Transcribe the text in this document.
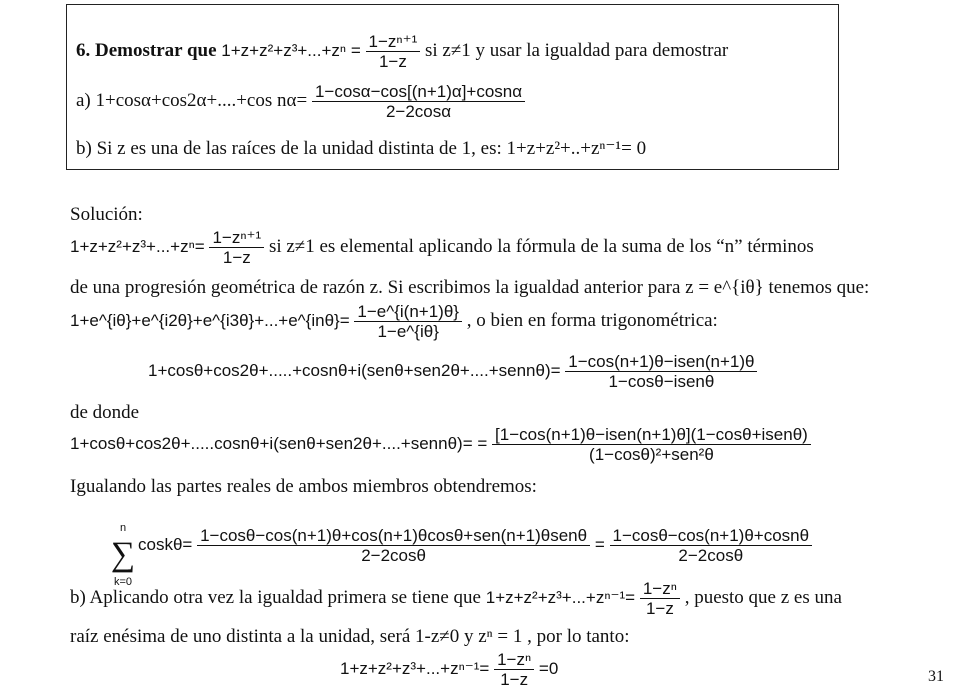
6. Demostrar que $1+z+z^2+z^3+...+z^n = \frac{\text{1−zⁿ⁺¹}}{1-z}$ si z≠1 y usar la igualdad para demostrar
a) 1+cosα+cos2α+....+cos $n\alpha= \frac{1-\cos\alpha-\cos[(n+1)\alpha]+\cos n\alpha}{2-2\cos\alpha}$
b) Si z es una de las raíces de la unidad distinta de 1, es: 1+z+z²+..+zⁿ⁻¹= 0
Solución:
$1+z+z^2+z^3+...+z^n= \frac{\text{1−zⁿ⁺¹}}{1-z}$ si z≠1 es elemental aplicando la fórmula de la suma de los “n” términos
de una progresión geométrica de razón z. Si escribimos la igualdad anterior para z = e^{iθ} tenemos que:
1+e^{iθ}+e^{i2θ}+e^{i3θ}+...+e^{inθ}= $\frac{1-e\^{}\{i(n+1)\theta\}}{1-e\^{}\{i\theta\}}$ , o bien en forma trigonométrica:
1+cosθ+cos2θ+.....+cosnθ+i(senθ+sen2θ+....+sennθ)= $\frac{\text{1−cos(n+1)θ−isen(n+1)θ}}{\text{1−cosθ−isenθ}}$
de donde
1+cosθ+cos2θ+.....cosnθ+i(senθ+sen2θ+....+sennθ)= = $\frac{\text{[1−cos(n+1)θ−isen(n+1)θ](1−cosθ+isenθ)}}{\text{(1−cosθ)²+sen²θ}}$
Igualando las partes reales de ambos miembros obtendremos:
n
∑
k=0
$\cos k\theta= \frac{\text{1−cosθ−cos(n+1)θ+cos(n+1)θcosθ+sen(n+1)θsenθ}}{2-2\cos\theta} = \frac{1-\cos\theta-\cos(n+1)\theta+\cos n\theta}{2-2\cos\theta}$
b) Aplicando otra vez la igualdad primera se tiene que $1+z+z^2+z^3+...+z^{n-1}= \frac{\text{1−zⁿ}}{1-z}$ , puesto que z es una
raíz enésima de uno distinta a la unidad, será 1-z≠0 y zⁿ = 1 , por lo tanto:
$1+z+z^2+z^3+...+z^{n-1}= \frac{\text{1−zⁿ}}{1-z} =0$	31
